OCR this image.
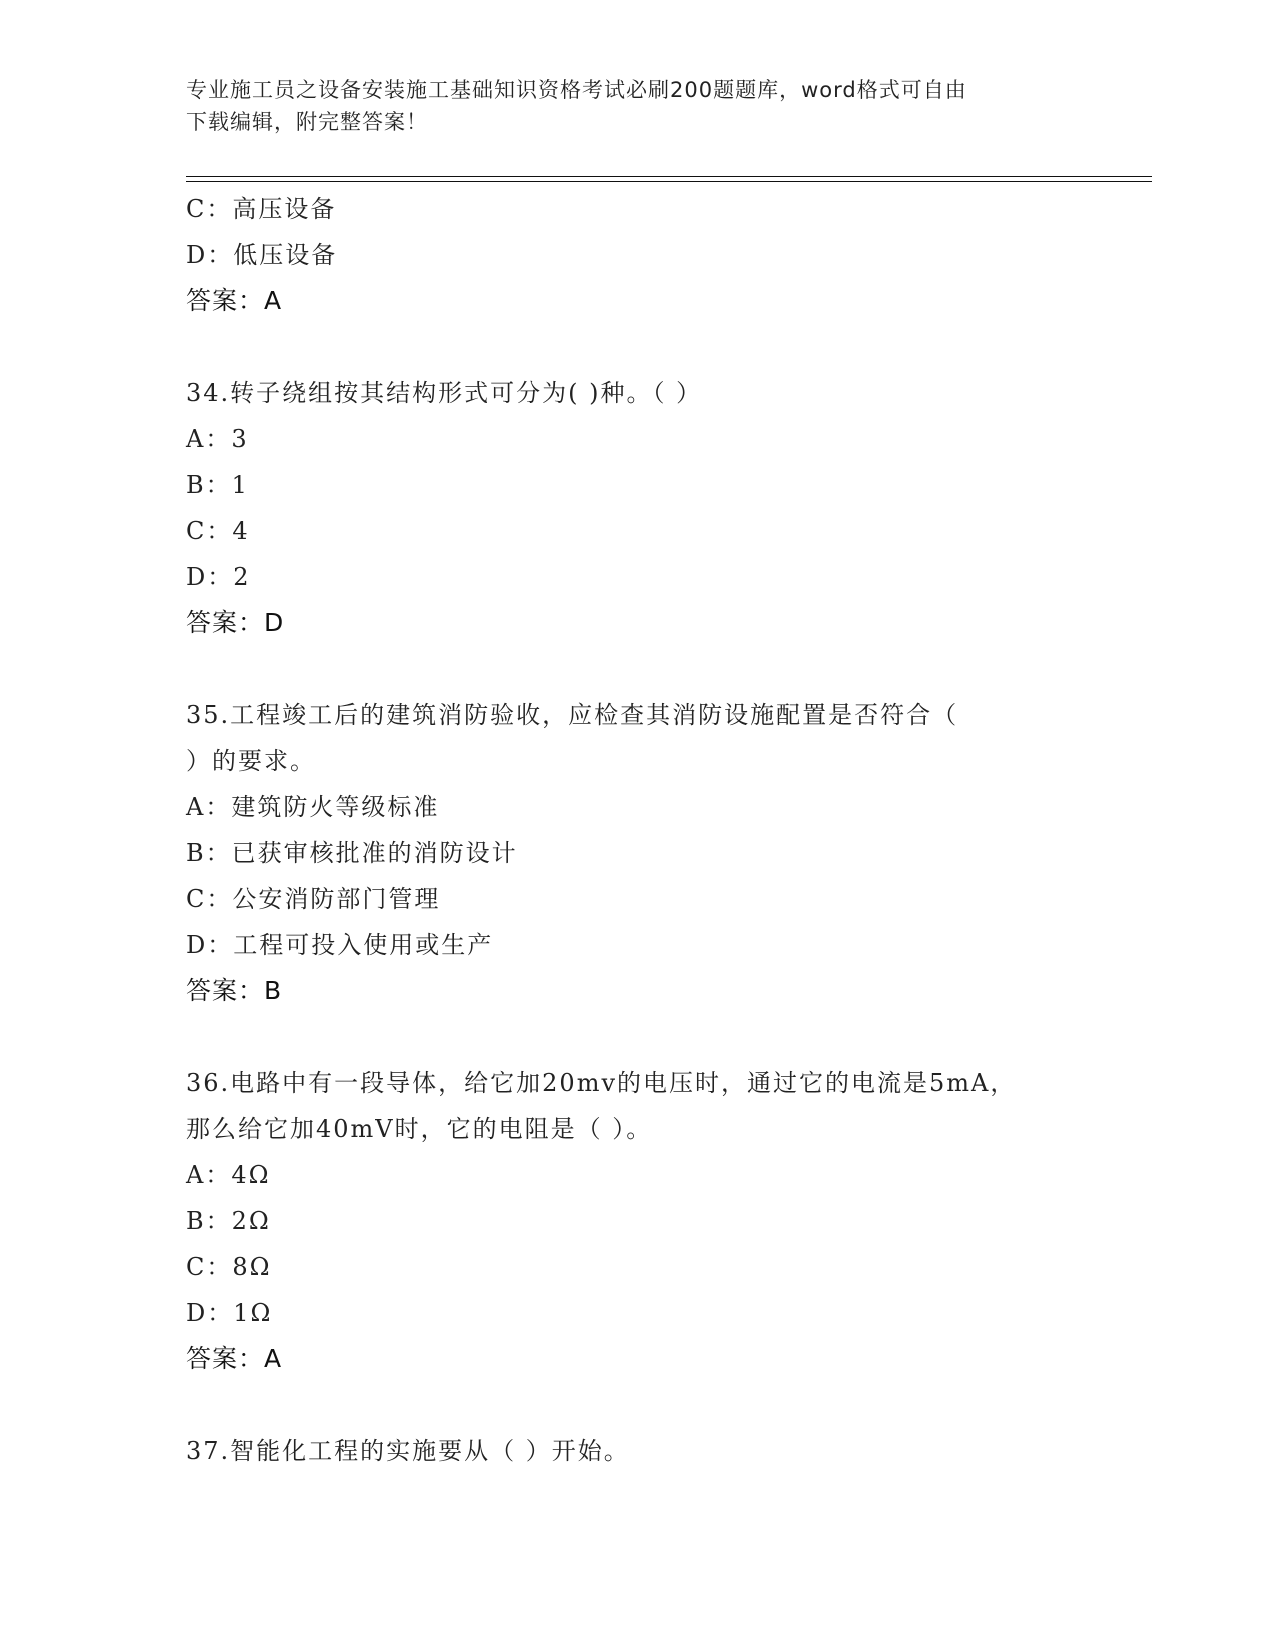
专业施工员之设备安装施工基础知识资格考试必刷200题题库，word格式可自由
下载编辑，附完整答案！
C：高压设备
D：低压设备
答案：A
34.转子绕组按其结构形式可分为( )种。（ ）
A：3
B：1
C：4
D：2
答案：D
35.工程竣工后的建筑消防验收，应检查其消防设施配置是否符合（
）的要求。
A：建筑防火等级标准
B：已获审核批准的消防设计
C：公安消防部门管理
D：工程可投入使用或生产
答案：B
36.电路中有一段导体，给它加20mv的电压时，通过它的电流是5mA，
那么给它加40mV时，它的电阻是（ ）。
A：4Ω
B：2Ω
C：8Ω
D：1Ω
答案：A
37.智能化工程的实施要从（ ）开始。
